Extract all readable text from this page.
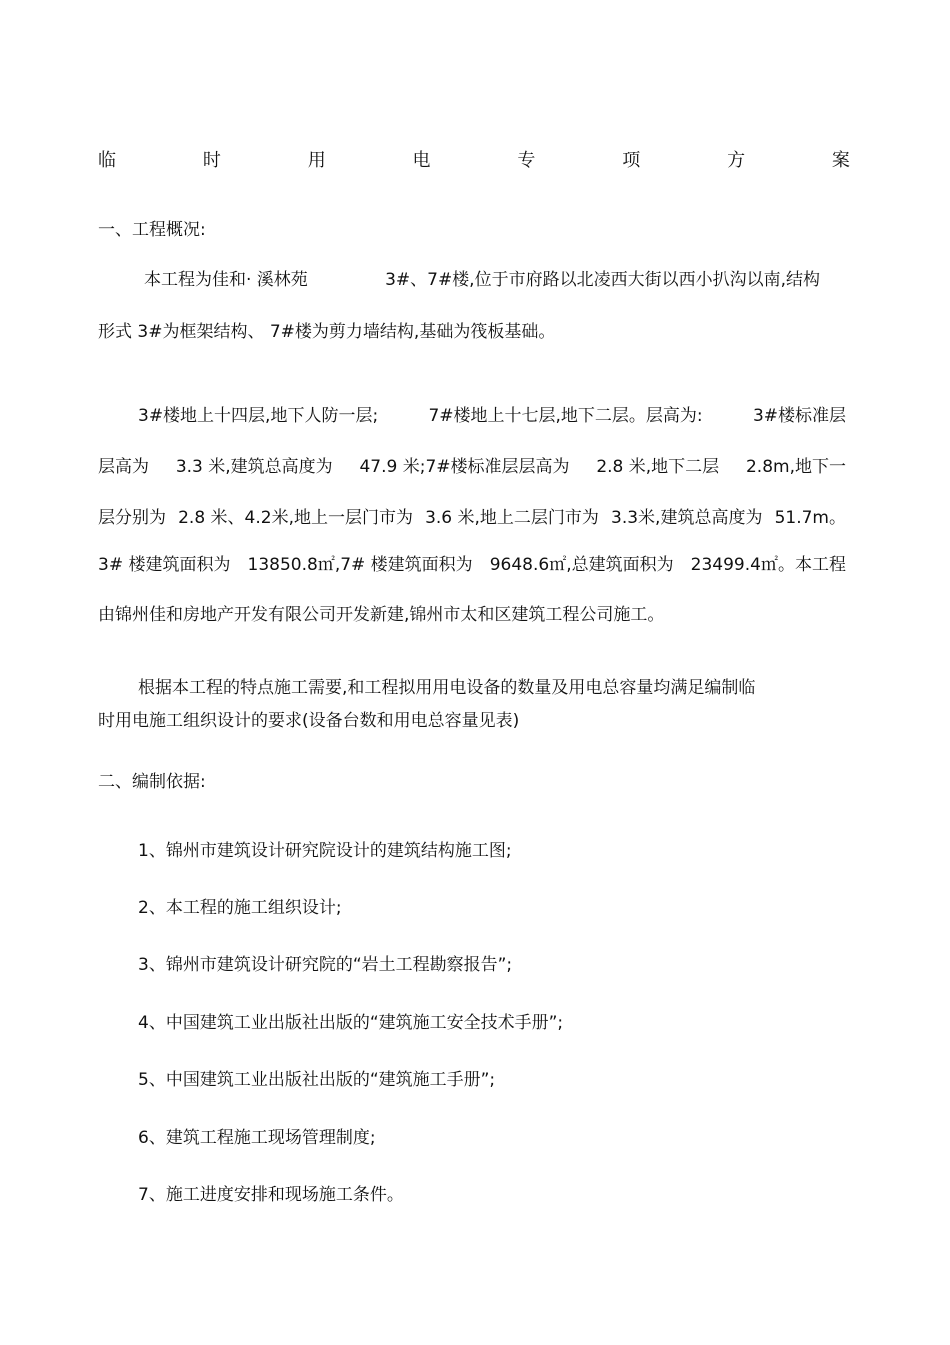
临	时	用	电	专	项	方	案
一、工程概况:
本工程为佳和· 溪林苑	3#、7#楼,位于市府路以北凌西大街以西小扒沟以南,结构
形式 3#为框架结构、 7#楼为剪力墙结构,基础为筏板基础。
3#楼地上十四层,地下人防一层;	7#楼地上十七层,地下二层。层高为:	3#楼标准层
层高为 3.3 米,建筑总高度为 47.9 米;7#楼标准层层高为 2.8 米,地下二层 2.8m,地下一
层分别为 2.8 米、4.2米,地上一层门市为 3.6 米,地上二层门市为 3.3米,建筑总高度为 51.7m。
3# 楼建筑面积为 13850.8㎡,7# 楼建筑面积为 9648.6㎡,总建筑面积为 23499.4㎡。本工程
由锦州佳和房地产开发有限公司开发新建,锦州市太和区建筑工程公司施工。
根据本工程的特点施工需要,和工程拟用用电设备的数量及用电总容量均满足编制临
时用电施工组织设计的要求(设备台数和用电总容量见表)
二、编制依据:
1、锦州市建筑设计研究院设计的建筑结构施工图;
2、本工程的施工组织设计;
3、锦州市建筑设计研究院的“岩土工程勘察报告”;
4、中国建筑工业出版社出版的“建筑施工安全技术手册”;
5、中国建筑工业出版社出版的“建筑施工手册”;
6、建筑工程施工现场管理制度;
7、施工进度安排和现场施工条件。
